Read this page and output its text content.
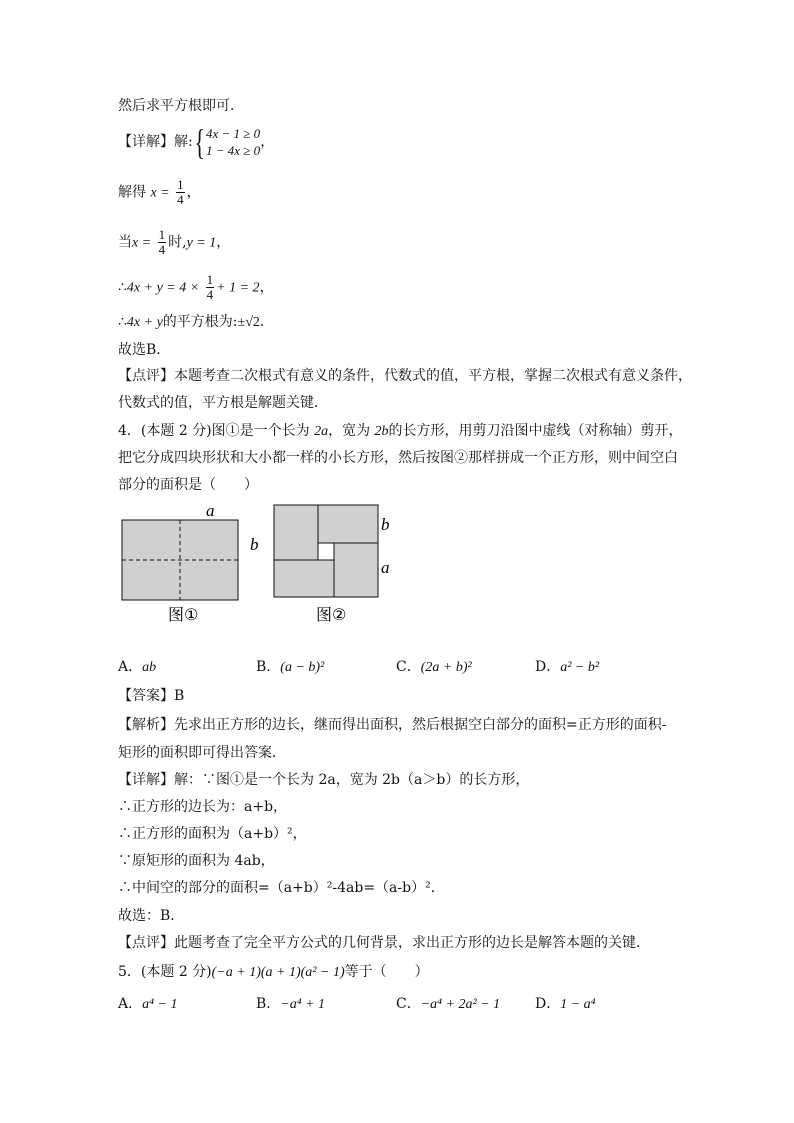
然后求平方根即可．
【详解】解:{ 4x − 1 ≥ 0
1 − 4x ≥ 0
，
解得 $x = \frac{1}{4}$ ，
当$x = \frac{1}{4}$ 时,y = 1，
∴4x + $y = 4 \times \frac{1}{4} + 1 = 2$，
∴4x + y的平方根为:±√2．
故选B．
【点评】本题考查二次根式有意义的条件，代数式的值，平方根，掌握二次根式有意义条件，
代数式的值，平方根是解题关键．
4．(本题 2 分)图①是一个长为 2a，宽为 2b的长方形，用剪刀沿图中虚线（对称轴）剪开，
把它分成四块形状和大小都一样的小长方形，然后按图②那样拼成一个正方形，则中间空白
部分的面积是（　　）
a
b
图①
b
a
图②
A．ab	B．(a − b)²	C．(2a + b)²	D．a² − b²
【答案】B
【解析】先求出正方形的边长，继而得出面积，然后根据空白部分的面积=正方形的面积-
矩形的面积即可得出答案．
【详解】解：∵图①是一个长为 2a，宽为 2b（a＞b）的长方形，
∴正方形的边长为：a+b，
∴正方形的面积为（a+b）²，
∵原矩形的面积为 4ab，
∴中间空的部分的面积=（a+b）²-4ab=（a-b）²．
故选：B．
【点评】此题考查了完全平方公式的几何背景，求出正方形的边长是解答本题的关键．
5．(本题 2 分)(−a + 1)(a + 1)(a² − 1)等于（　　）
A．a⁴ − 1	B．−a⁴ + 1	C．−a⁴ + 2a² − 1 D．1 − a⁴
